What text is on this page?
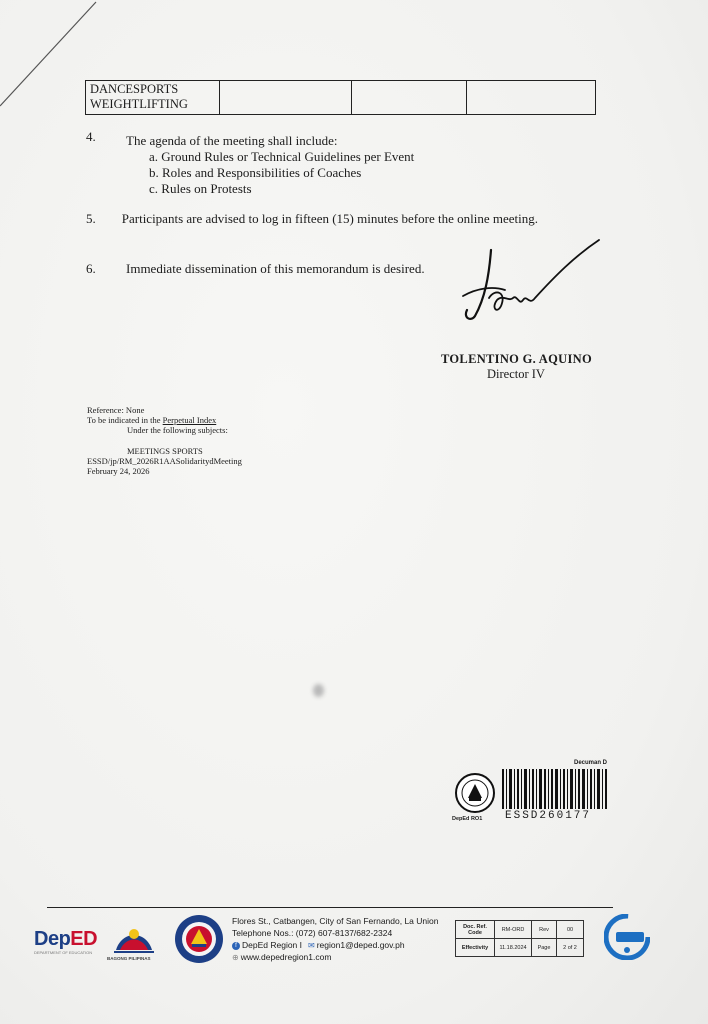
DANCESPORTS
WEIGHTLIFTING

4. The agenda of the meeting shall include:
a. Ground Rules or Technical Guidelines per Event
b. Roles and Responsibilities of Coaches
c. Rules on Protests
5. Participants are advised to log in fifteen (15) minutes before the online meeting.
6. Immediate dissemination of this memorandum is desired.
TOLENTINO G. AQUINO
Director IV
Reference: None
To be indicated in the Perpetual Index
Under the following subjects:
MEETINGS SPORTS
ESSD/jp/RM_2026R1AASolidaritydMeeting
February 24, 2026
Decuman D
DepEd RO1 ESSD260177
DepED
DEPARTMENT OF EDUCATION
BAGONG PILIPINAS
Flores St., Catbangen, City of San Fernando, La Union
Telephone Nos.: (072) 607-8137/682-2324
f DepEd Region I ✉ region1@deped.gov.ph
⊕ www.depedregion1.com
Doc. Ref. Code	RM-ORD	Rev	00
Effectivity	11.18.2024	Page	2 of 2
